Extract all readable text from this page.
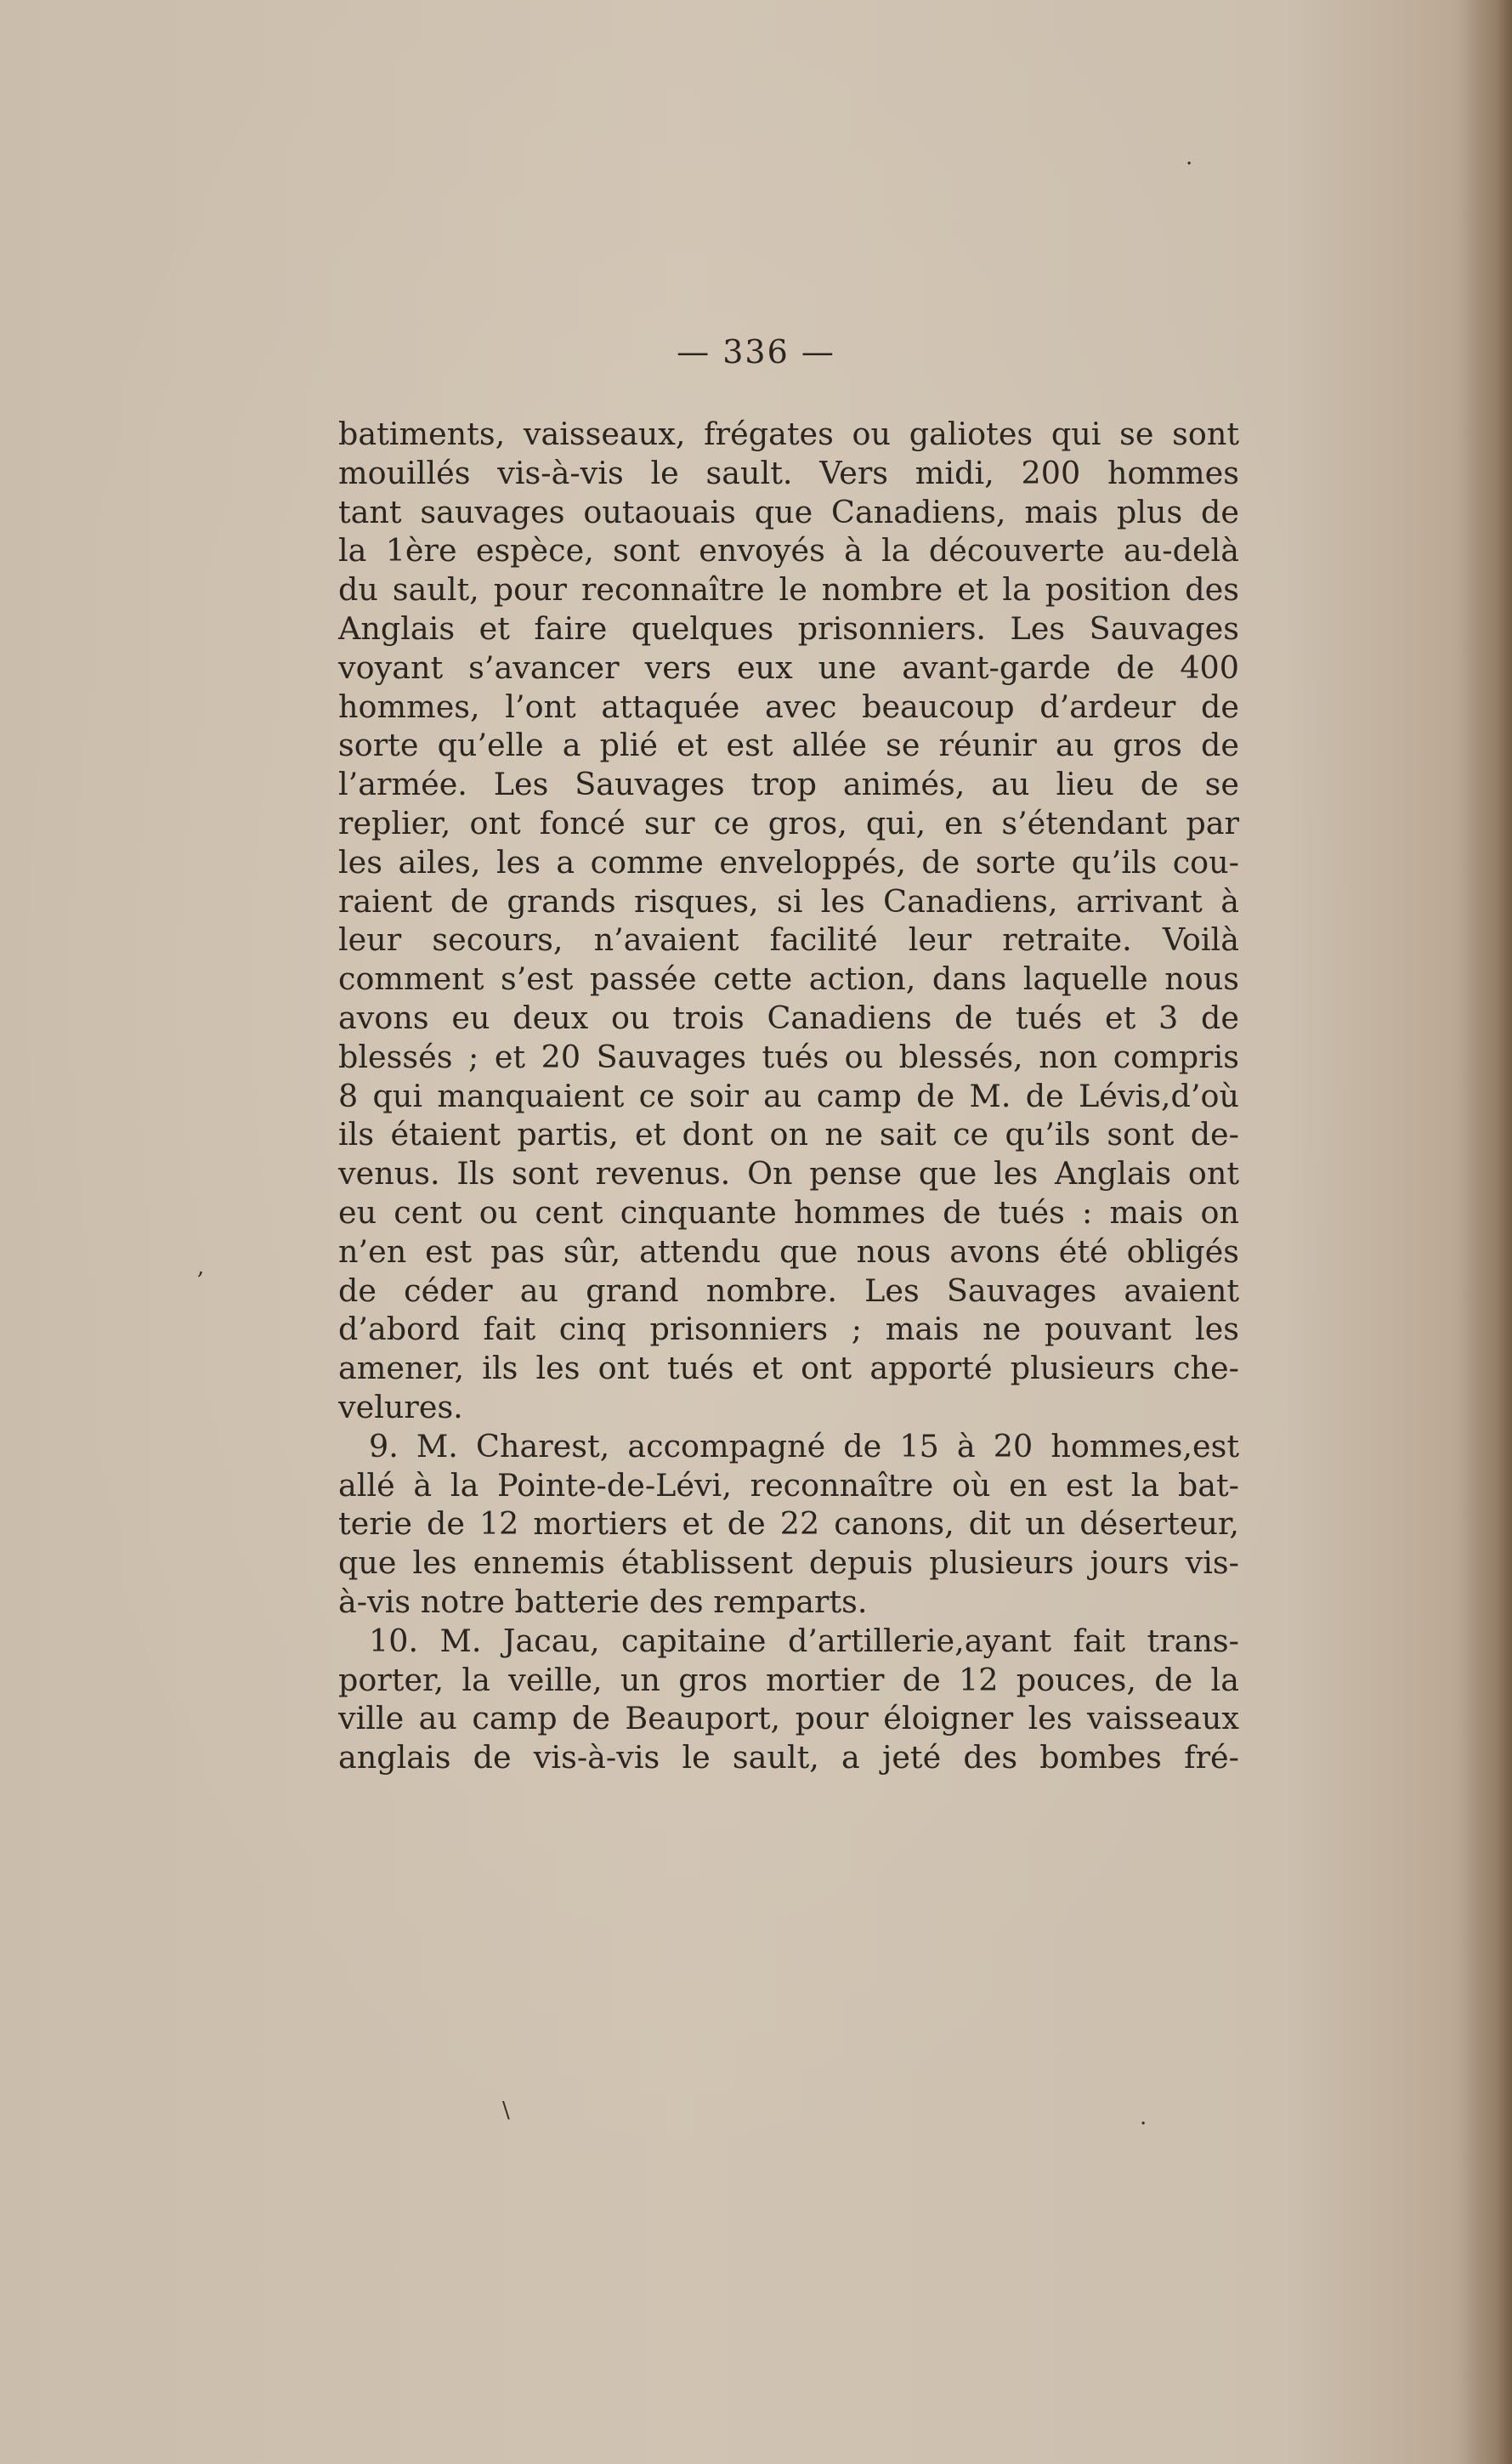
·
,
\
·
— 336 —
batiments, vaisseaux, frégates ou galiotes qui se sont
mouillés vis-à-vis le sault. Vers midi, 200 hommes
tant sauvages outaouais que Canadiens, mais plus de
la 1ère espèce, sont envoyés à la découverte au-delà
du sault, pour reconnaître le nombre et la position des
Anglais et faire quelques prisonniers. Les Sauvages
voyant s’avancer vers eux une avant-garde de 400
hommes, l’ont attaquée avec beaucoup d’ardeur de
sorte qu’elle a plié et est allée se réunir au gros de
l’armée. Les Sauvages trop animés, au lieu de se
replier, ont foncé sur ce gros, qui, en s’étendant par
les ailes, les a comme enveloppés, de sorte qu’ils cou-
raient de grands risques, si les Canadiens, arrivant à
leur secours, n’avaient facilité leur retraite. Voilà
comment s’est passée cette action, dans laquelle nous
avons eu deux ou trois Canadiens de tués et 3 de
blessés ; et 20 Sauvages tués ou blessés, non compris
8 qui manquaient ce soir au camp de M. de Lévis,d’où
ils étaient partis, et dont on ne sait ce qu’ils sont de-
venus. Ils sont revenus. On pense que les Anglais ont
eu cent ou cent cinquante hommes de tués : mais on
n’en est pas sûr, attendu que nous avons été obligés
de céder au grand nombre. Les Sauvages avaient
d’abord fait cinq prisonniers ; mais ne pouvant les
amener, ils les ont tués et ont apporté plusieurs che-
velures.
9. M. Charest, accompagné de 15 à 20 hommes,est
allé à la Pointe-de-Lévi, reconnaître où en est la bat-
terie de 12 mortiers et de 22 canons, dit un déserteur,
que les ennemis établissent depuis plusieurs jours vis-
à-vis notre batterie des remparts.
10. M. Jacau, capitaine d’artillerie,ayant fait trans-
porter, la veille, un gros mortier de 12 pouces, de la
ville au camp de Beauport, pour éloigner les vaisseaux
anglais de vis-à-vis le sault, a jeté des bombes fré-
